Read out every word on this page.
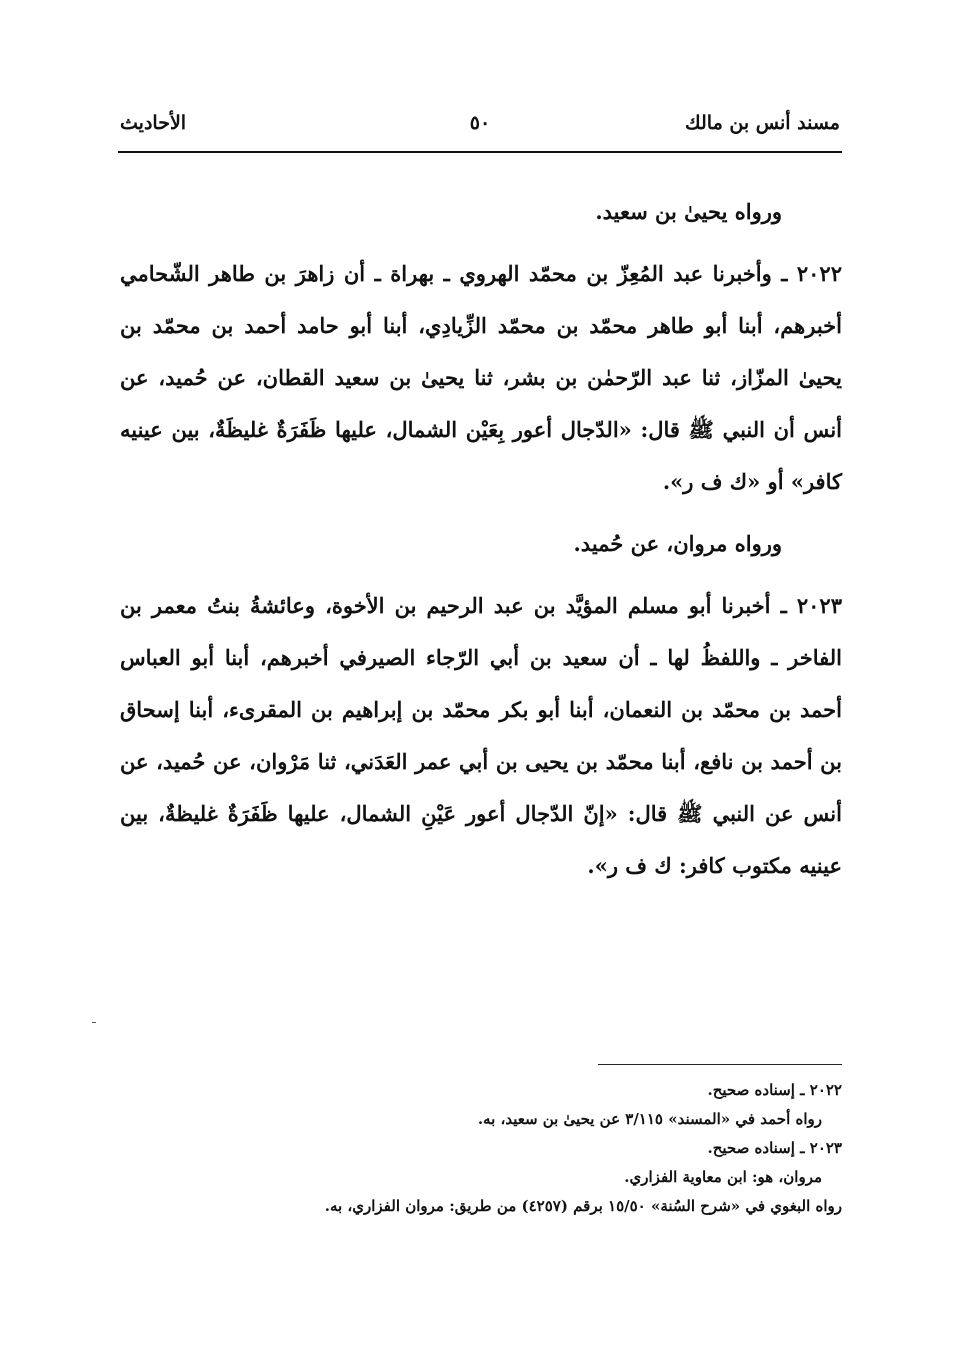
مسند أنس بن مالك
٥٠
الأحاديث

ورواه يحيىٰ بن سعيد.

٢٠٢٢ ـ وأخبرنا عبد المُعِزّ بن محمّد الهروي ـ بهراة ـ أن زاهرَ بن طاهر الشّحامي أخبرهم، أبنا أبو طاهر محمّد بن محمّد الزِّيادِي، أبنا أبو حامد أحمد بن محمّد بن يحيىٰ المزّاز، ثنا عبد الرّحمٰن بن بشر، ثنا يحيىٰ بن سعيد القطان، عن حُميد، عن أنس أن النبي ﷺ قال: «الدّجال أعور بِعَيْن الشمال، عليها ظَفَرَةٌ غليظَةٌ، بين عينيه كافر» أو «ك ف ر».

ورواه مروان، عن حُميد.

٢٠٢٣ ـ أخبرنا أبو مسلم المؤيَّد بن عبد الرحيم بن الأخوة، وعائشةُ بنتُ معمر بن الفاخر ـ واللفظُ لها ـ أن سعيد بن أبي الرّجاء الصيرفي أخبرهم، أبنا أبو العباس أحمد بن محمّد بن النعمان، أبنا أبو بكر محمّد بن إبراهيم بن المقرىء، أبنا إسحاق بن أحمد بن نافع، أبنا محمّد بن يحيى بن أبي عمر العَدَني، ثنا مَرْوان، عن حُميد، عن أنس عن النبي ﷺ قال: «إنّ الدّجال أعور عَيْنِ الشمال، عليها ظَفَرَةٌ غليظةٌ، بين عينيه مكتوب كافر: ك ف ر».

٢٠٢٢ ـ إسناده صحيح.

رواه أحمد في «المسند» ٣/١١٥ عن يحيىٰ بن سعيد، به.

٢٠٢٣ ـ إسناده صحيح.

مروان، هو: ابن معاوية الفزاري.

رواه البغوي في «شرح السُنة» ١٥/٥٠ برقم (٤٢٥٧) من طريق: مروان الفزاري، به.
